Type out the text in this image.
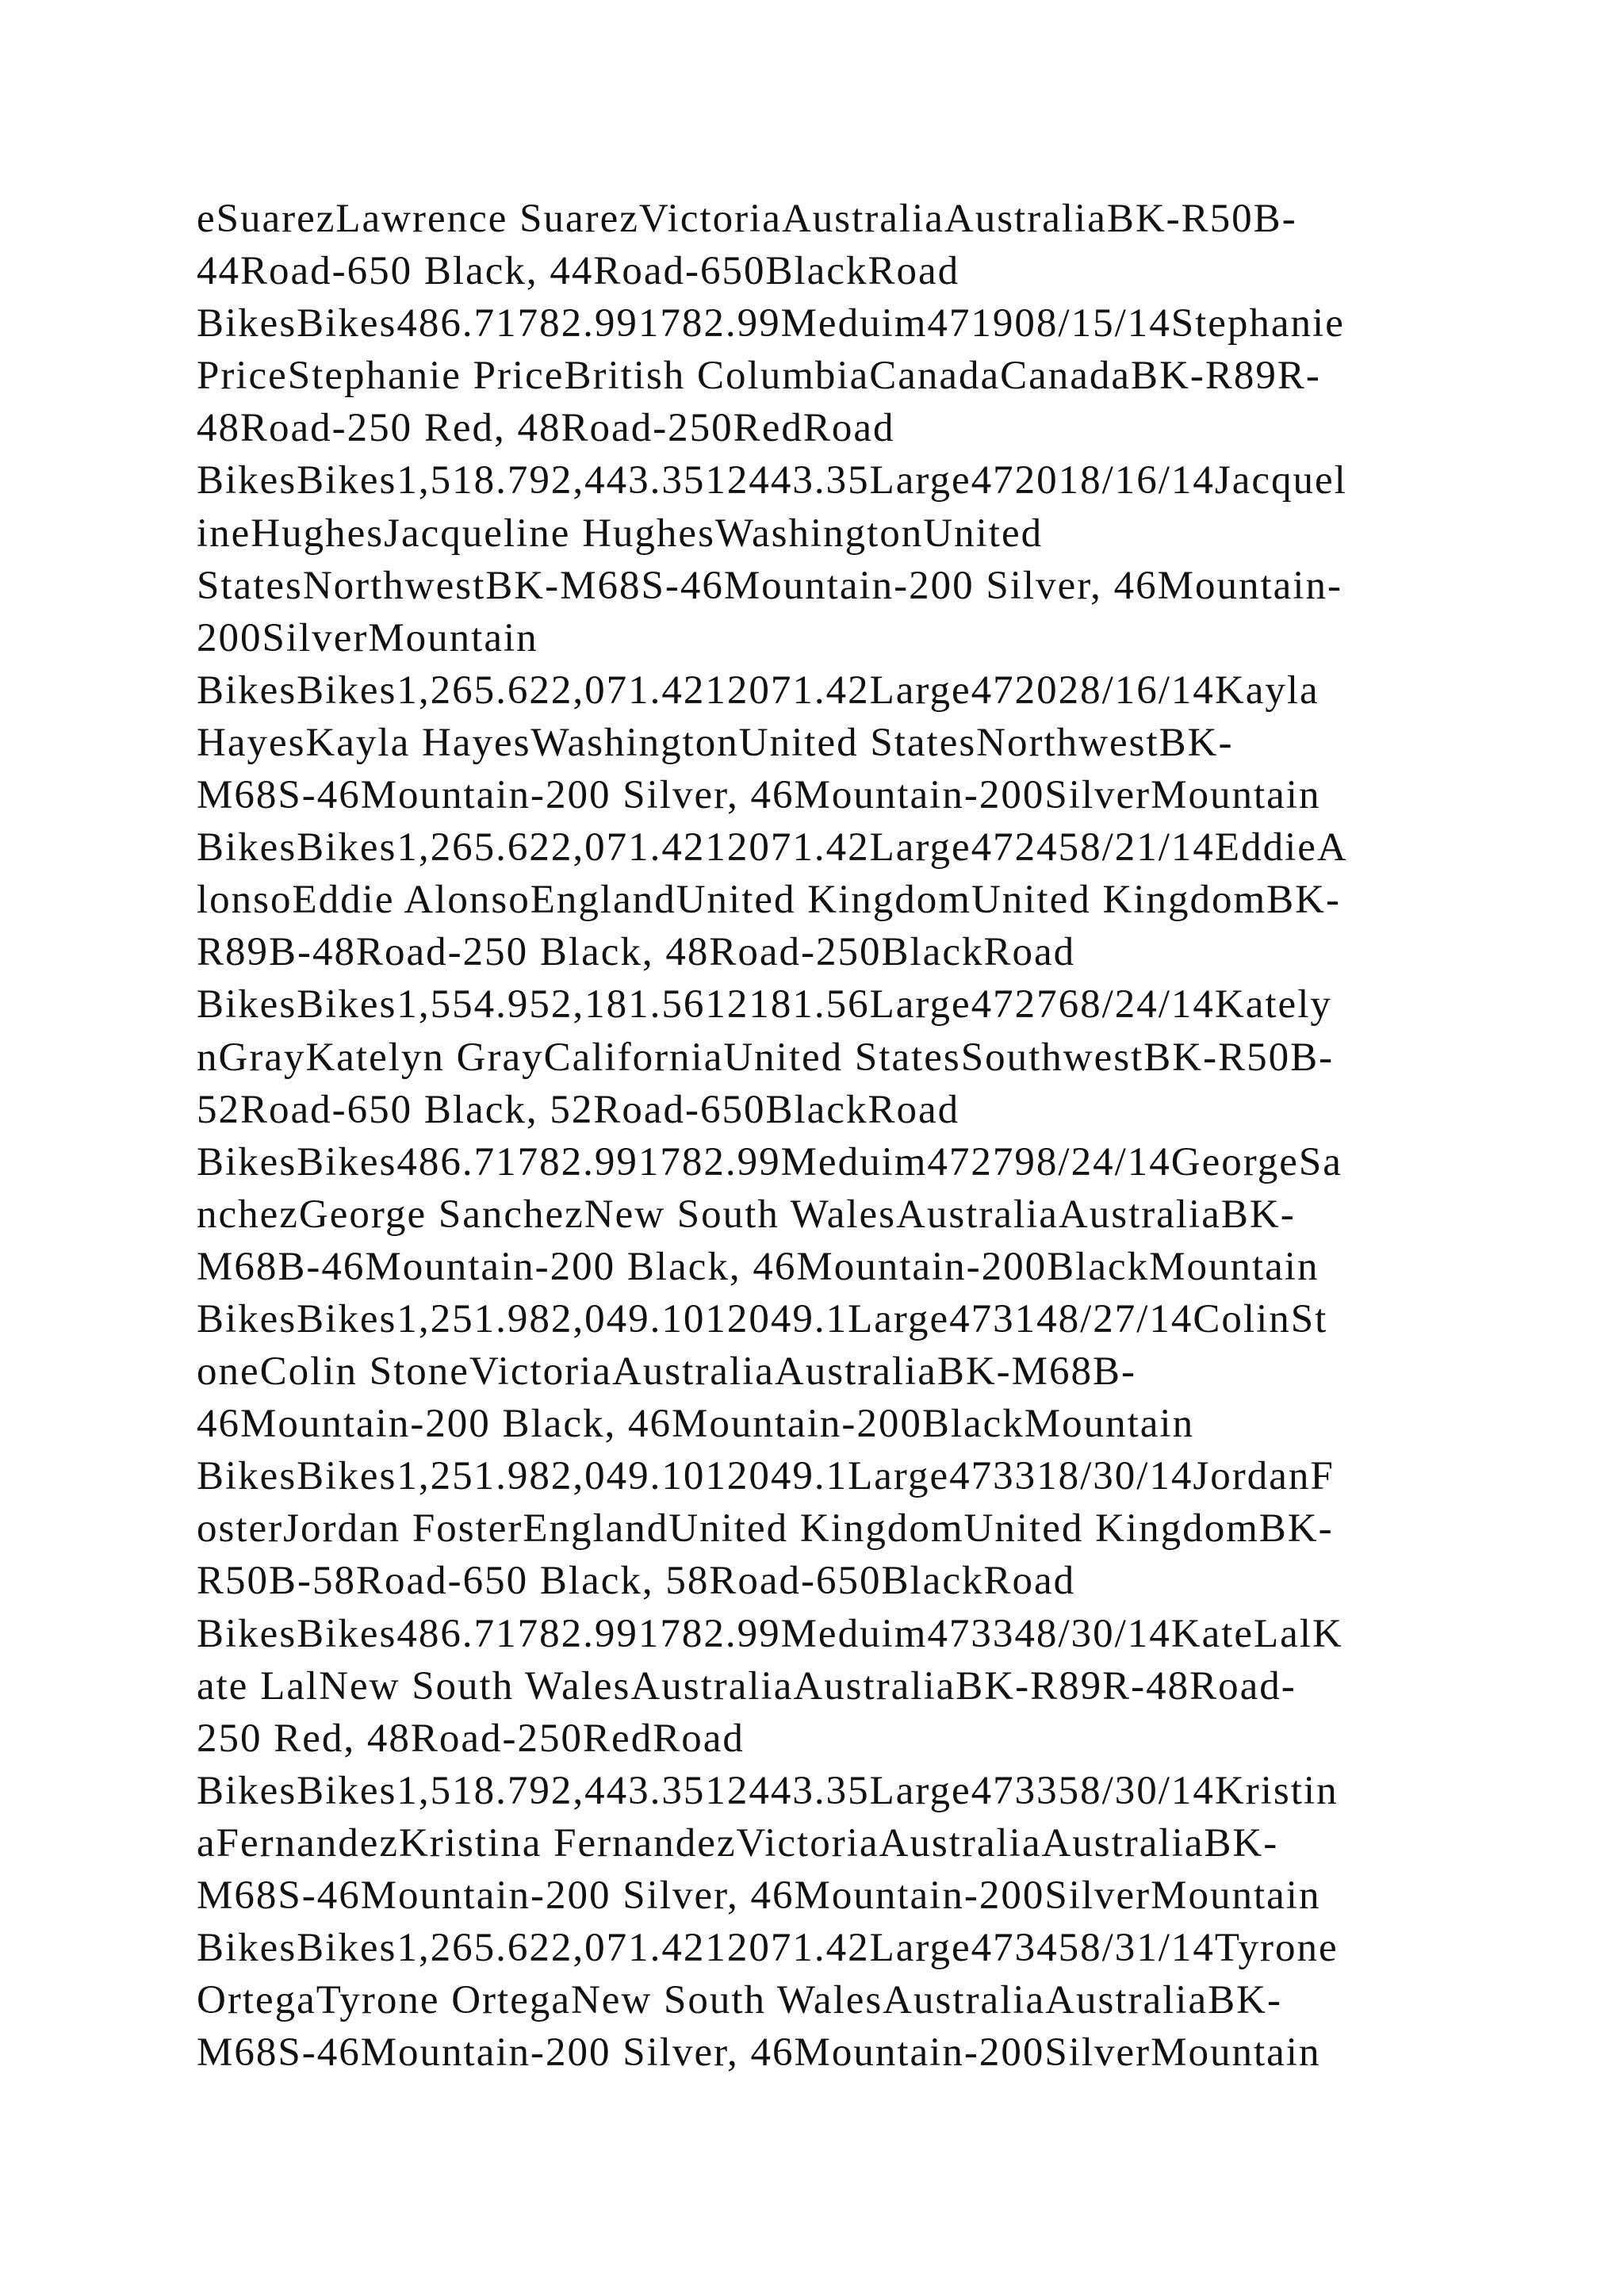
eSuarezLawrence SuarezVictoriaAustraliaAustraliaBK-R50B-
44Road-650 Black, 44Road-650BlackRoad
BikesBikes486.71782.991782.99Meduim471908/15/14Stephanie
PriceStephanie PriceBritish ColumbiaCanadaCanadaBK-R89R-
48Road-250 Red, 48Road-250RedRoad
BikesBikes1,518.792,443.3512443.35Large472018/16/14Jacquel
ineHughesJacqueline HughesWashingtonUnited
StatesNorthwestBK-M68S-46Mountain-200 Silver, 46Mountain-
200SilverMountain
BikesBikes1,265.622,071.4212071.42Large472028/16/14Kayla
HayesKayla HayesWashingtonUnited StatesNorthwestBK-
M68S-46Mountain-200 Silver, 46Mountain-200SilverMountain
BikesBikes1,265.622,071.4212071.42Large472458/21/14EddieA
lonsoEddie AlonsoEnglandUnited KingdomUnited KingdomBK-
R89B-48Road-250 Black, 48Road-250BlackRoad
BikesBikes1,554.952,181.5612181.56Large472768/24/14Kately
nGrayKatelyn GrayCaliforniaUnited StatesSouthwestBK-R50B-
52Road-650 Black, 52Road-650BlackRoad
BikesBikes486.71782.991782.99Meduim472798/24/14GeorgeSa
nchezGeorge SanchezNew South WalesAustraliaAustraliaBK-
M68B-46Mountain-200 Black, 46Mountain-200BlackMountain
BikesBikes1,251.982,049.1012049.1Large473148/27/14ColinSt
oneColin StoneVictoriaAustraliaAustraliaBK-M68B-
46Mountain-200 Black, 46Mountain-200BlackMountain
BikesBikes1,251.982,049.1012049.1Large473318/30/14JordanF
osterJordan FosterEnglandUnited KingdomUnited KingdomBK-
R50B-58Road-650 Black, 58Road-650BlackRoad
BikesBikes486.71782.991782.99Meduim473348/30/14KateLalK
ate LalNew South WalesAustraliaAustraliaBK-R89R-48Road-
250 Red, 48Road-250RedRoad
BikesBikes1,518.792,443.3512443.35Large473358/30/14Kristin
aFernandezKristina FernandezVictoriaAustraliaAustraliaBK-
M68S-46Mountain-200 Silver, 46Mountain-200SilverMountain
BikesBikes1,265.622,071.4212071.42Large473458/31/14Tyrone
OrtegaTyrone OrtegaNew South WalesAustraliaAustraliaBK-
M68S-46Mountain-200 Silver, 46Mountain-200SilverMountain
